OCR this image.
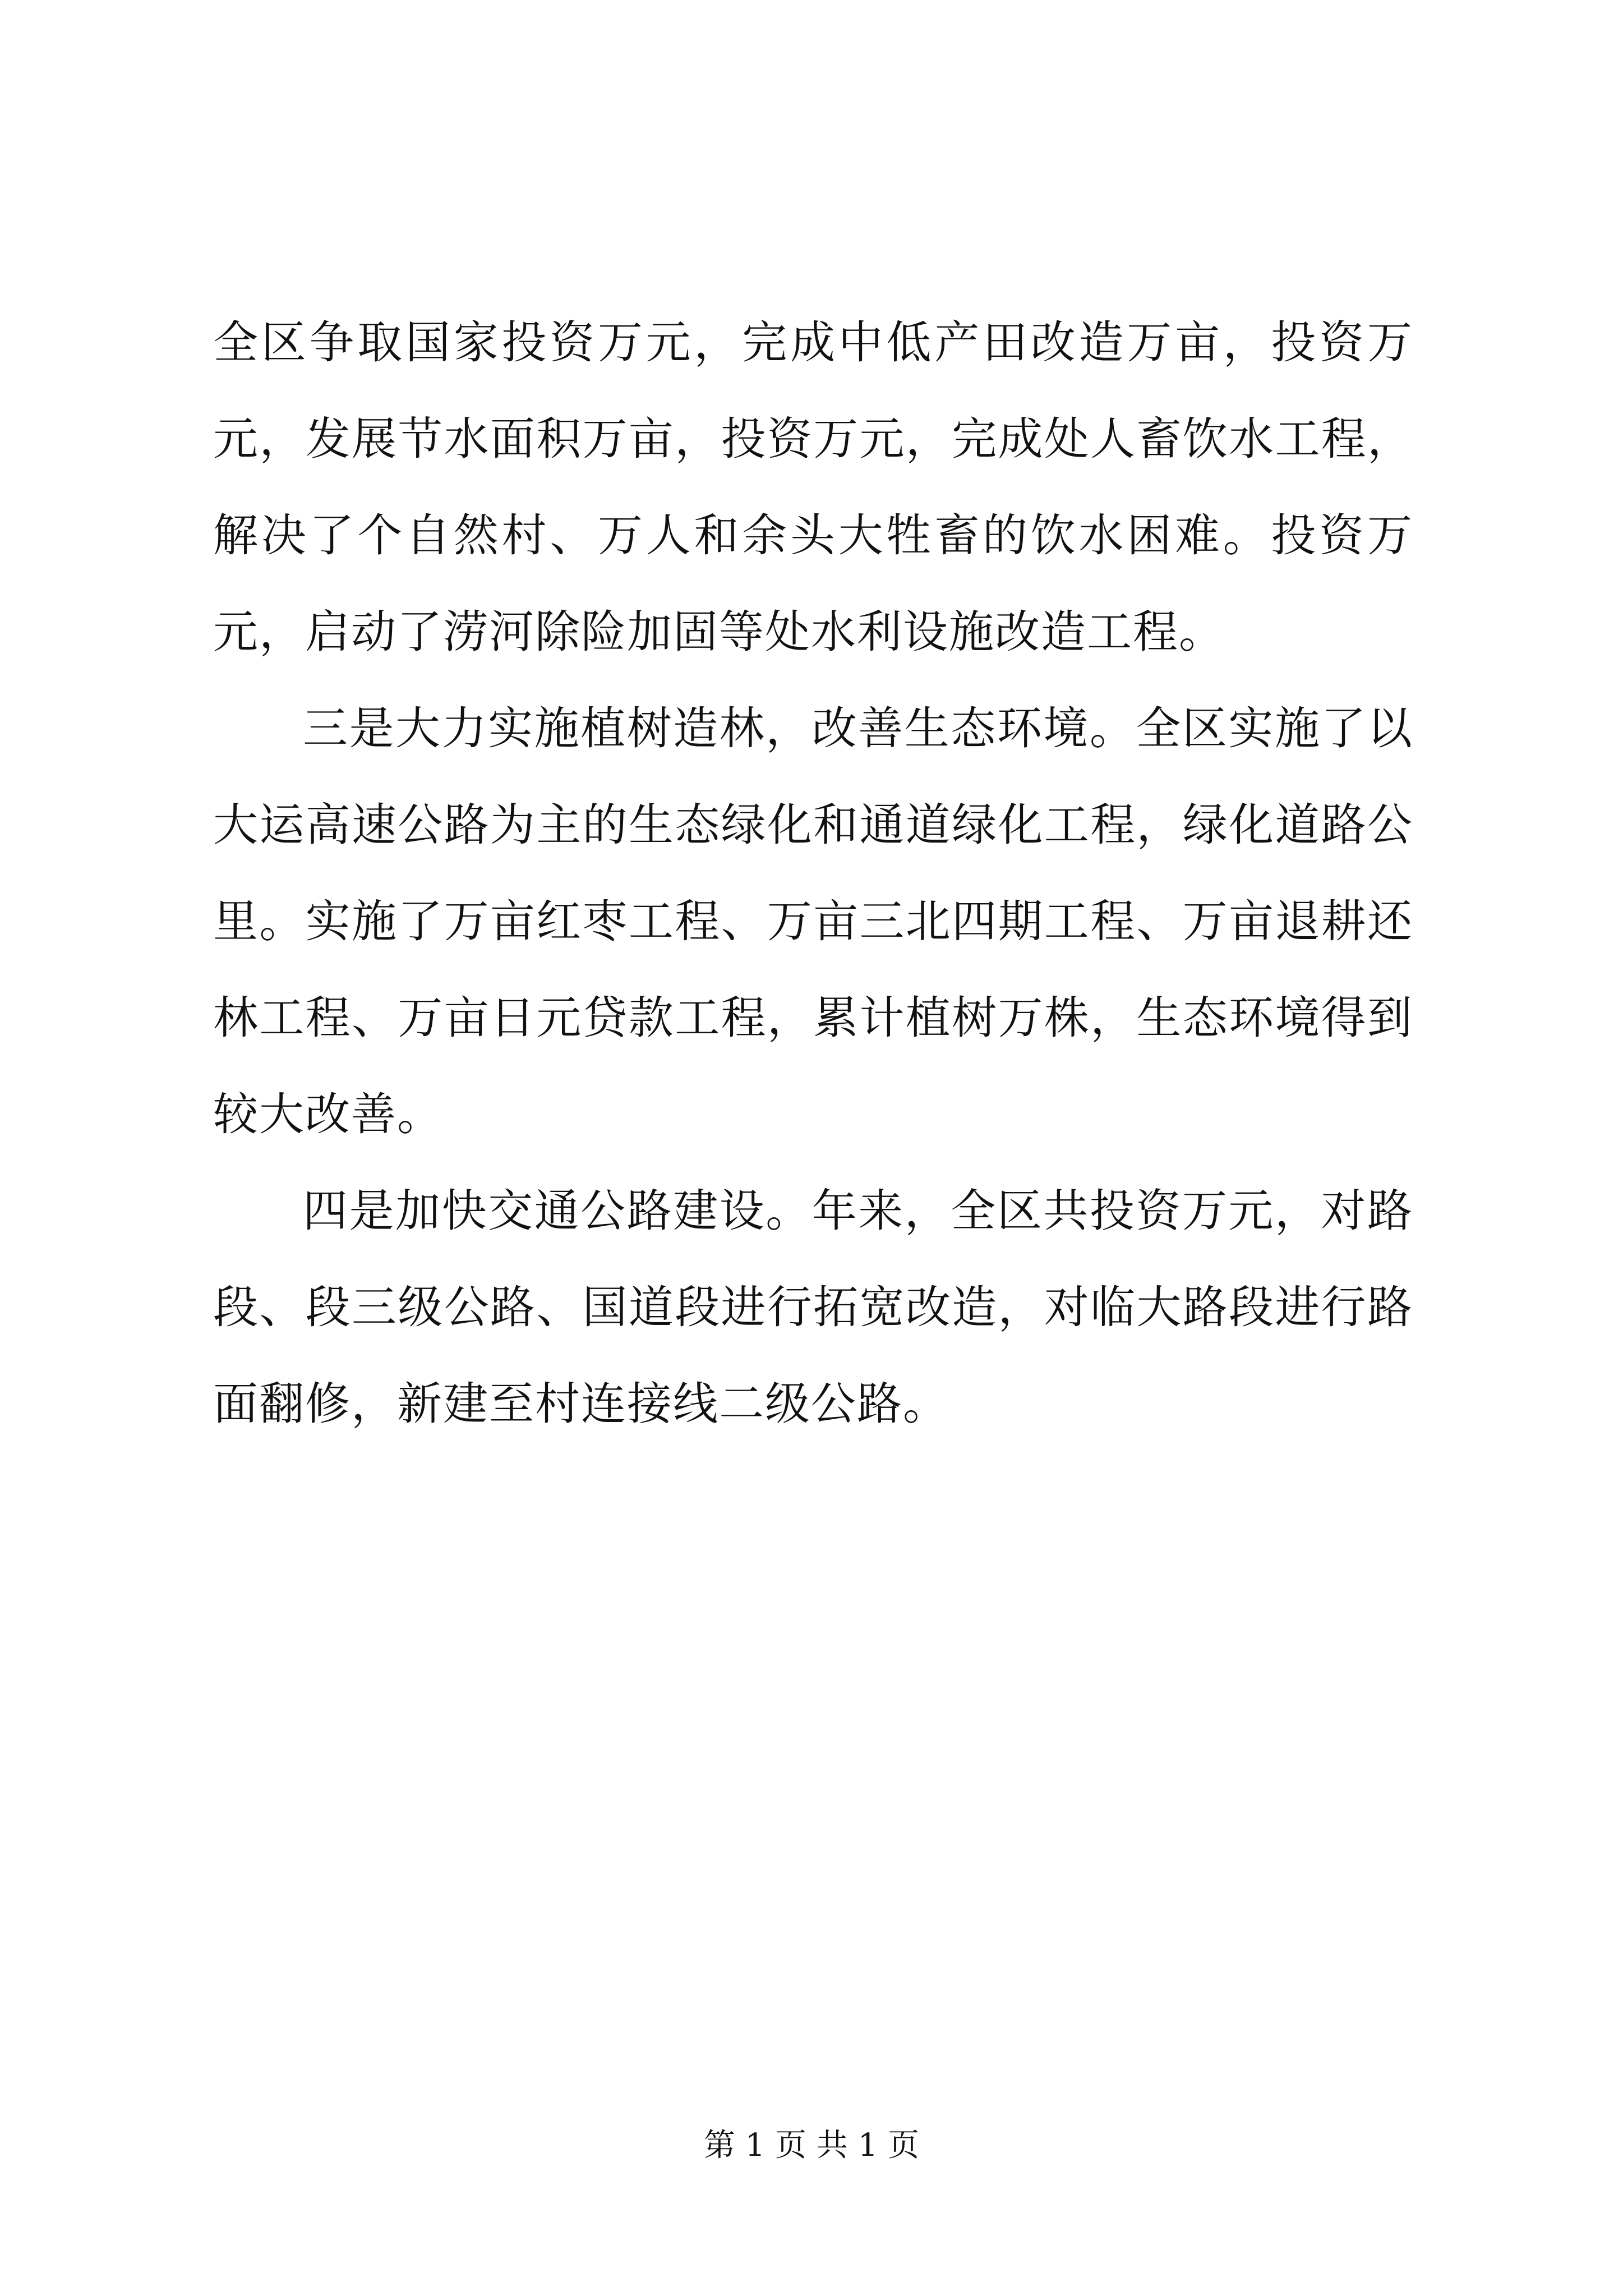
全区争取国家投资万元，完成中低产田改造万亩，投资万元，发展节水面积万亩，投资万元，完成处人畜饮水工程，解决了个自然村、万人和余头大牲畜的饮水困难。投资万元，启动了涝河除险加固等处水利设施改造工程。

三是大力实施植树造林，改善生态环境。全区实施了以大运高速公路为主的生态绿化和通道绿化工程，绿化道路公里。实施了万亩红枣工程、万亩三北四期工程、万亩退耕还林工程、万亩日元贷款工程，累计植树万株，生态环境得到较大改善。

四是加快交通公路建设。年来，全区共投资万元，对路段、段三级公路、国道段进行拓宽改造，对临大路段进行路面翻修，新建至村连接线二级公路。

第 1 页 共 1 页
